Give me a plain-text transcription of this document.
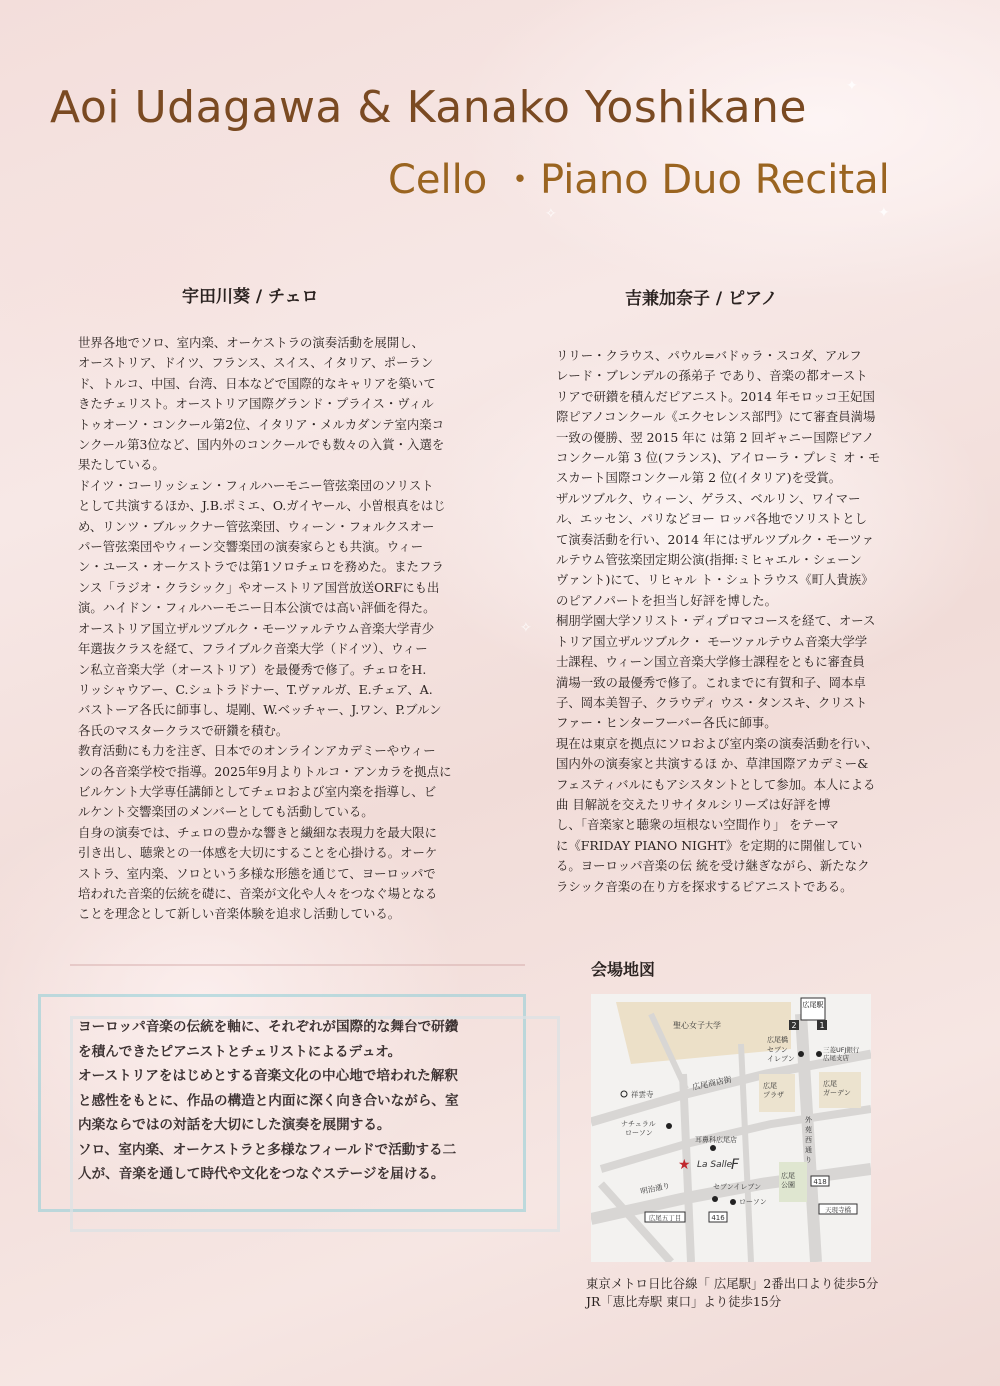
✦
✧	✦
✧
Aoi Udagawa & Kanako Yoshikane
Cello ・Piano Duo Recital
宇田川葵 / チェロ	吉兼加奈子 / ピアノ

世界各地でソロ、室内楽、オーケストラの演奏活動を展開し、

オーストリア、ドイツ、フランス、スイス、イタリア、ポーラン

ド、トルコ、中国、台湾、日本などで国際的なキャリアを築いて

きたチェリスト。オーストリア国際グランド・プライス・ヴィル

トゥオーソ・コンクール第2位、イタリア・メルカダンテ室内楽コ

ンクール第3位など、国内外のコンクールでも数々の入賞・入選を

果たしている。

ドイツ・コーリッシェン・フィルハーモニー管弦楽団のソリスト

として共演するほか、J.B.ポミエ、O.ガイヤール、小曽根真をはじ

め、リンツ・ブルックナー管弦楽団、ウィーン・フォルクスオー

パー管弦楽団やウィーン交響楽団の演奏家らとも共演。ウィー

ン・ユース・オーケストラでは第1ソロチェロを務めた。またフラ

ンス「ラジオ・クラシック」やオーストリア国営放送ORFにも出

演。ハイドン・フィルハーモニー日本公演では高い評価を得た。

オーストリア国立ザルツブルク・モーツァルテウム音楽大学青少

年選抜クラスを経て、フライブルク音楽大学（ドイツ）、ウィー

ン私立音楽大学（オーストリア）を最優秀で修了。チェロをH.

リッシャウアー、C.シュトラドナー、T.ヴァルガ、E.チェア、A.

バストーア各氏に師事し、堤剛、W.ベッチャー、J.ワン、P.ブルン

各氏のマスタークラスで研鑽を積む。

教育活動にも力を注ぎ、日本でのオンラインアカデミーやウィー

ンの各音楽学校で指導。2025年9月よりトルコ・アンカラを拠点に

ビルケント大学専任講師としてチェロおよび室内楽を指導し、ビ

ルケント交響楽団のメンバーとしても活動している。

自身の演奏では、チェロの豊かな響きと繊細な表現力を最大限に

引き出し、聴衆との一体感を大切にすることを心掛ける。オーケ

ストラ、室内楽、ソロという多様な形態を通じて、ヨーロッパで

培われた音楽的伝統を礎に、音楽が文化や人々をつなぐ場となる

ことを理念として新しい音楽体験を追求し活動している。

リリー・クラウス、パウル=バドゥラ・スコダ、アルフ

レード・ブレンデルの孫弟子 であり、音楽の都オースト

リアで研鑚を積んだピアニスト。2014 年モロッコ王妃国

際ピアノコンクール《エクセレンス部門》にて審査員満場

一致の優勝、翌 2015 年に は第 2 回ギャニー国際ピアノ

コンクール第 3 位(フランス)、アイローラ・プレミ オ・モ

スカート国際コンクール第 2 位(イタリア)を受賞。

ザルツブルク、ウィーン、ゲラス、ベルリン、ワイマー

ル、エッセン、パリなどヨー ロッパ各地でソリストとし

て演奏活動を行い、2014 年にはザルツブルク・モーツァ

ルテウム管弦楽団定期公演(指揮:ミヒャエル・シェーン

ヴァント)にて、リヒャル ト・シュトラウス《町人貴族》

のピアノパートを担当し好評を博した。

桐朋学園大学ソリスト・ディプロマコースを経て、オース

トリア国立ザルツブルク・ モーツァルテウム音楽大学学

士課程、ウィーン国立音楽大学修士課程をともに審査員

満場一致の最優秀で修了。これまでに有賀和子、岡本卓

子、岡本美智子、クラウディ ウス・タンスキ、クリスト

ファー・ヒンターフーバー各氏に師事。

現在は東京を拠点にソロおよび室内楽の演奏活動を行い、

国内外の演奏家と共演するほ か、草津国際アカデミー&

フェスティバルにもアシスタントとして参加。本人による

曲 目解説を交えたリサイタルシリーズは好評を博

し、「音楽家と聴衆の垣根ない空間作り」 をテーマ

に《FRIDAY PIANO NIGHT》を定期的に開催してい

る。ヨーロッパ音楽の伝 統を受け継ぎながら、新たなク

ラシック音楽の在り方を探求するピアニストである。

ヨーロッパ音楽の伝統を軸に、それぞれが国際的な舞台で研鑽

を積んできたピアニストとチェリストによるデュオ。

オーストリアをはじめとする音楽文化の中心地で培われた解釈

と感性をもとに、作品の構造と内面に深く向き合いながら、室

内楽ならではの対話を大切にした演奏を展開する。

ソロ、室内楽、オーケストラと多様なフィールドで活動する二

人が、音楽を通して時代や文化をつなぐステージを届ける。

会場地図
広尾駅
2	1
聖心女子大学
広尾商店街
広尾橋
セブン
イレブン
三菱UFJ銀行
広尾支店
広尾
プラザ
広尾
ガーデン
祥雲寺
ナチュラル
ローソン
耳鼻科広尾店
外
苑
西
通
り
★ La Salle
F
明治通り	セブンイレブン
ローソン
広尾
公園	418
416
広尾五丁目
天現寺橋

東京メトロ日比谷線「 広尾駅」2番出口より徒歩5分

JR「恵比寿駅 東口」より徒歩15分
